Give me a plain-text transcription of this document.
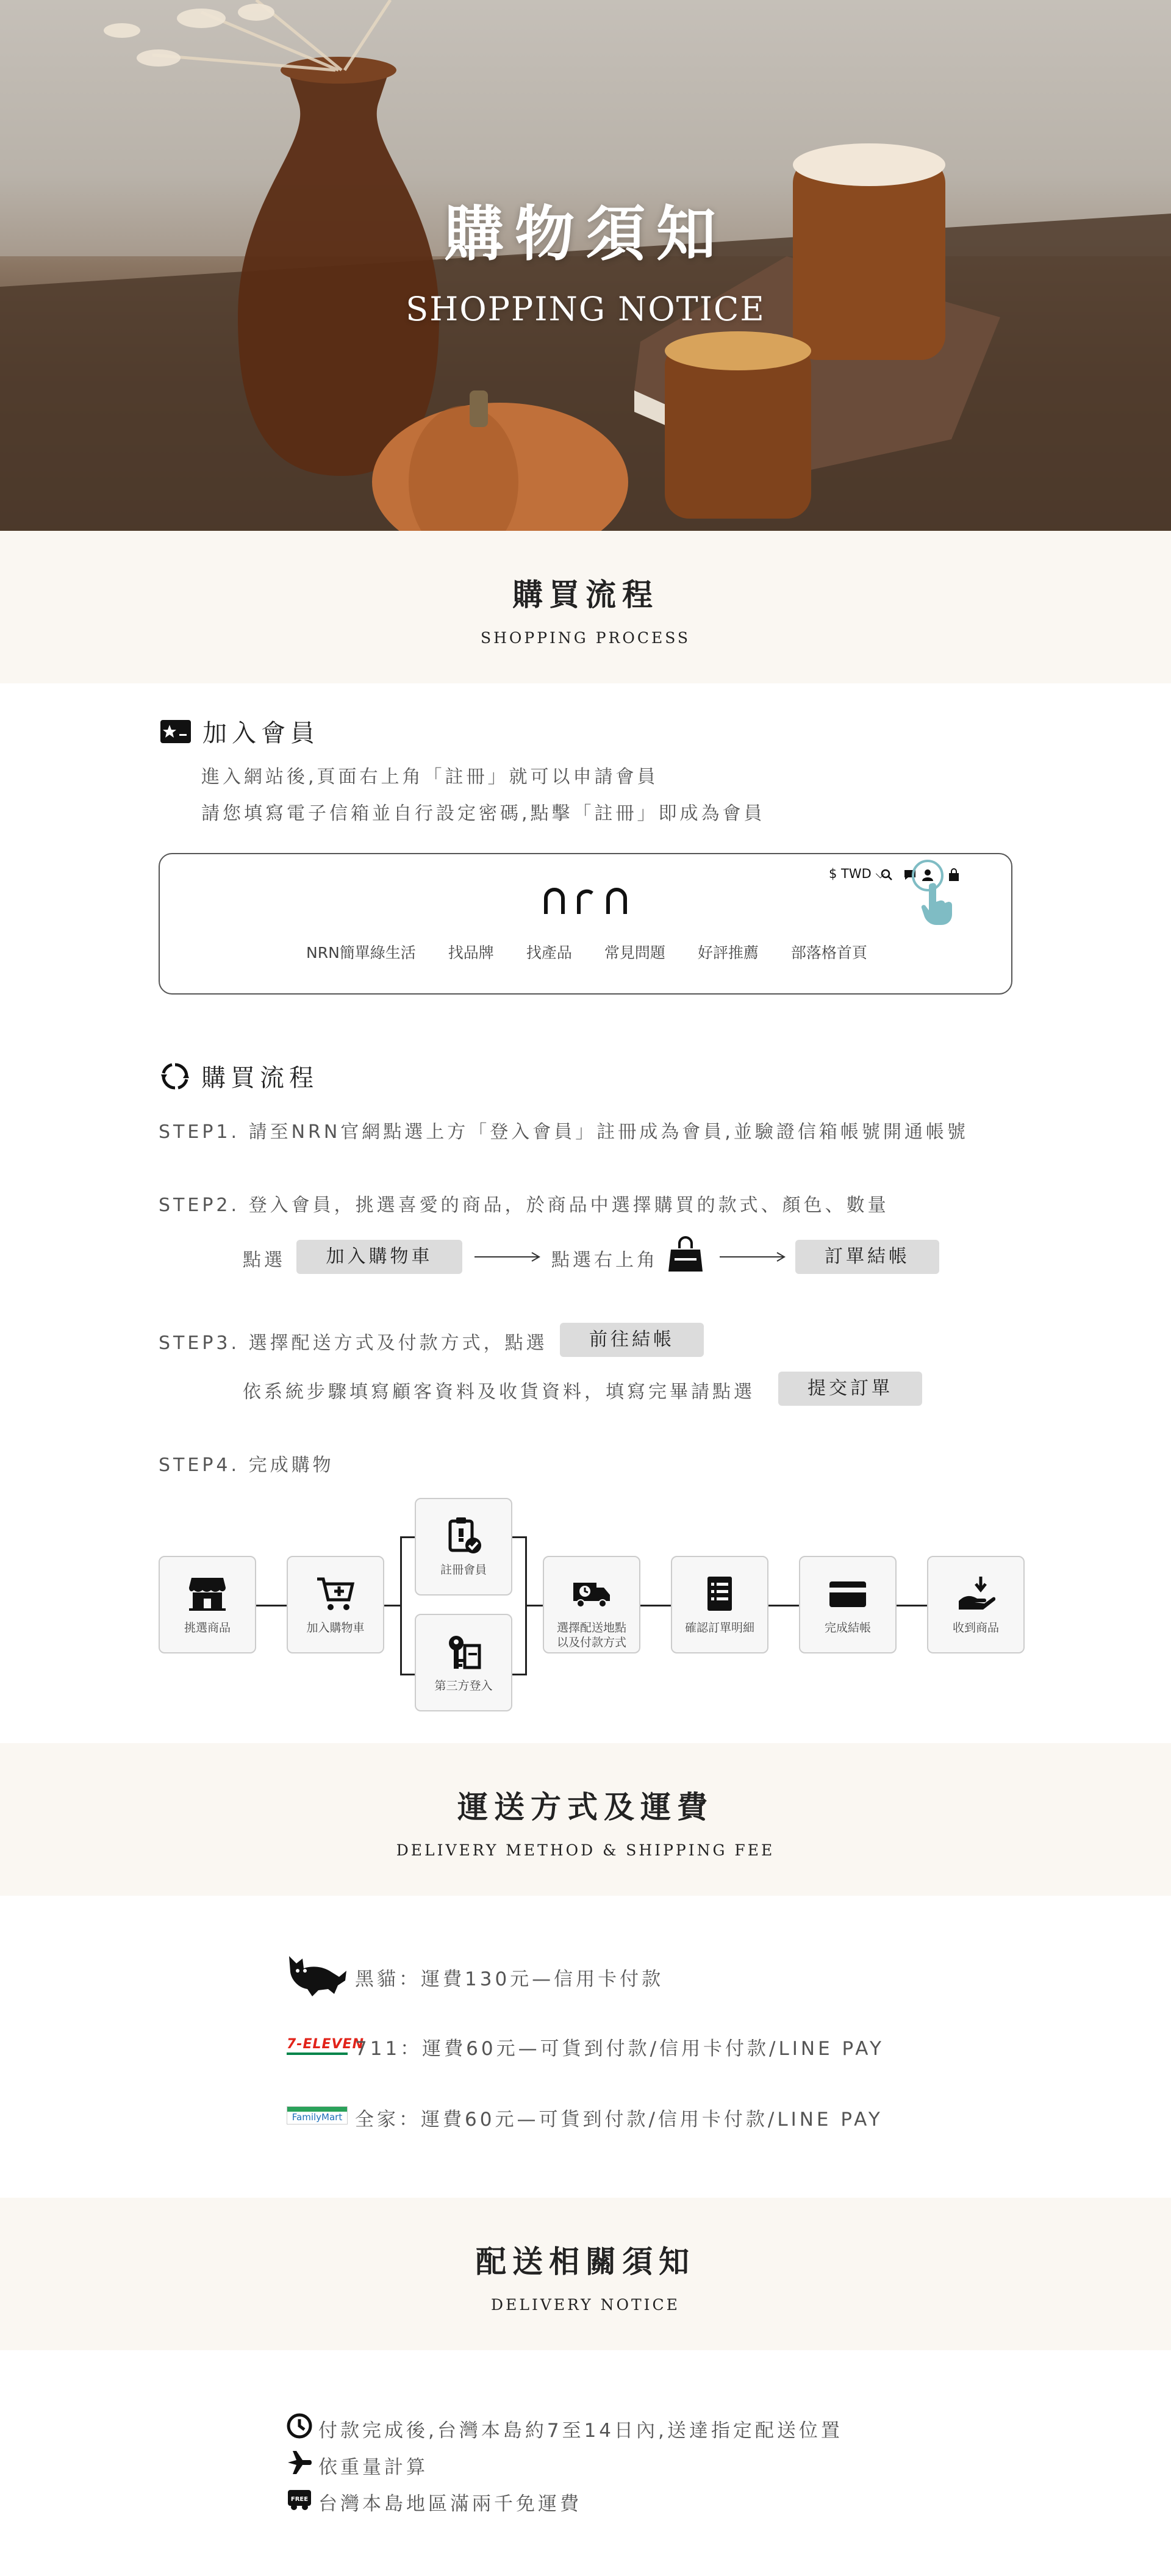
購物須知
SHOPPING NOTICE
購買流程
SHOPPING PROCESS
加入會員
進入網站後,頁面右上角「註冊」就可以申請會員
請您填寫電子信箱並自行設定密碼,點擊「註冊」即成為會員
$ TWD ⌵
NRN簡單綠生活 找品牌 找產品 常見問題 好評推薦 部落格首頁
購買流程
STEP1. 請至NRN官網點選上方「登入會員」註冊成為會員,並驗證信箱帳號開通帳號
STEP2. 登入會員，挑選喜愛的商品，於商品中選擇購買的款式、顏色、數量
點選	加入購物車	點選右上角	訂單結帳
STEP3. 選擇配送方式及付款方式，點選	前往結帳
依系統步驟填寫顧客資料及收貨資料，填寫完畢請點選	提交訂單
STEP4. 完成購物
挑選商品	加入購物車
註冊會員
第三方登入
選擇配送地點
以及付款方式
確認訂單明細	完成結帳	收到商品
運送方式及運費
DELIVERY METHOD & SHIPPING FEE
黑貓：運費130元—信用卡付款
7-ELEVEN
711：運費60元—可貨到付款/信用卡付款/LINE PAY
FamilyMart 全家：運費60元—可貨到付款/信用卡付款/LINE PAY
配送相關須知
DELIVERY NOTICE
付款完成後,台灣本島約7至14日內,送達指定配送位置
依重量計算
FREE 台灣本島地區滿兩千免運費
